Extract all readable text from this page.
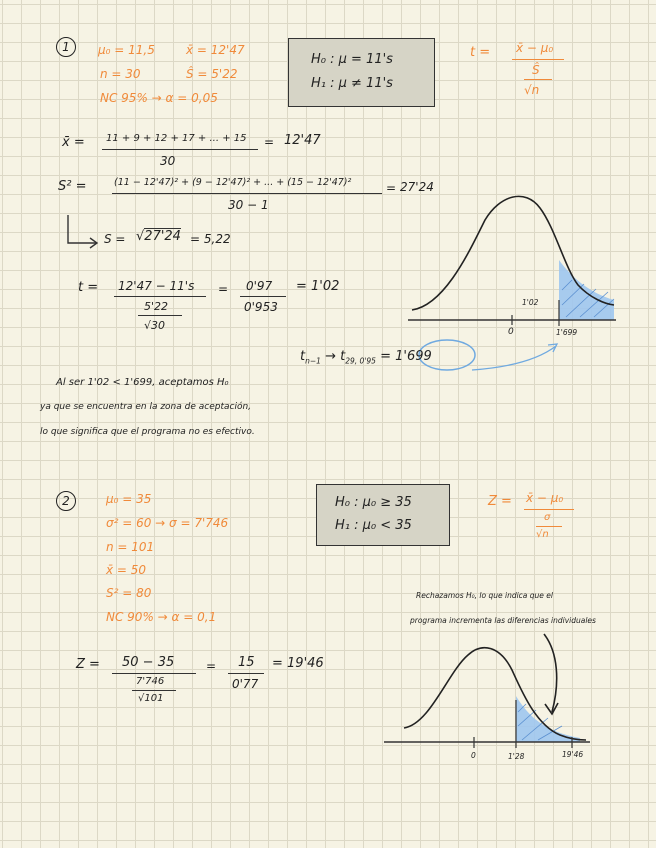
1 μ₀ = 11,5
n = 30
NC 95% → α = 0,05
x̄ = 12'47
Ŝ = 5'22
H₀ : μ = 11's
H₁ : μ ≠ 11's
t = x̄ − μ₀
Ŝ
√n
x̄ = 11 + 9 + 12 + 17 + ... + 15
30
= 12'47
S² =	(11 − 12'47)² + (9 − 12'47)² + ... + (15 − 12'47)²
30 − 1
= 27'24
S = √27'24 = 5,22
t = 12'47 − 11's
5'22
√30
= 0'97
0'953
= 1'02
1'02
0	1'699
$t_{n-1} \to t_{29, 0'95} = 1'699$
Al ser 1'02 < 1'699, aceptamos H₀
ya que se encuentra en la zona de aceptación,
lo que significa que el programa no es efectivo.
2	μ₀ = 35
σ² = 60 → σ = 7'746
n = 101
x̄ = 50
S² = 80
NC 90% → α = 0,1
H₀ : μ₀ ≥ 35
H₁ : μ₀ < 35
Z = x̄ − μ₀
σ
√n
Z = 50 − 35
7'746
√101
= 15
0'77
= 19'46
Rechazamos H₀, lo que indica que el
programa incrementa las diferencias individuales
0	1'28	19'46
